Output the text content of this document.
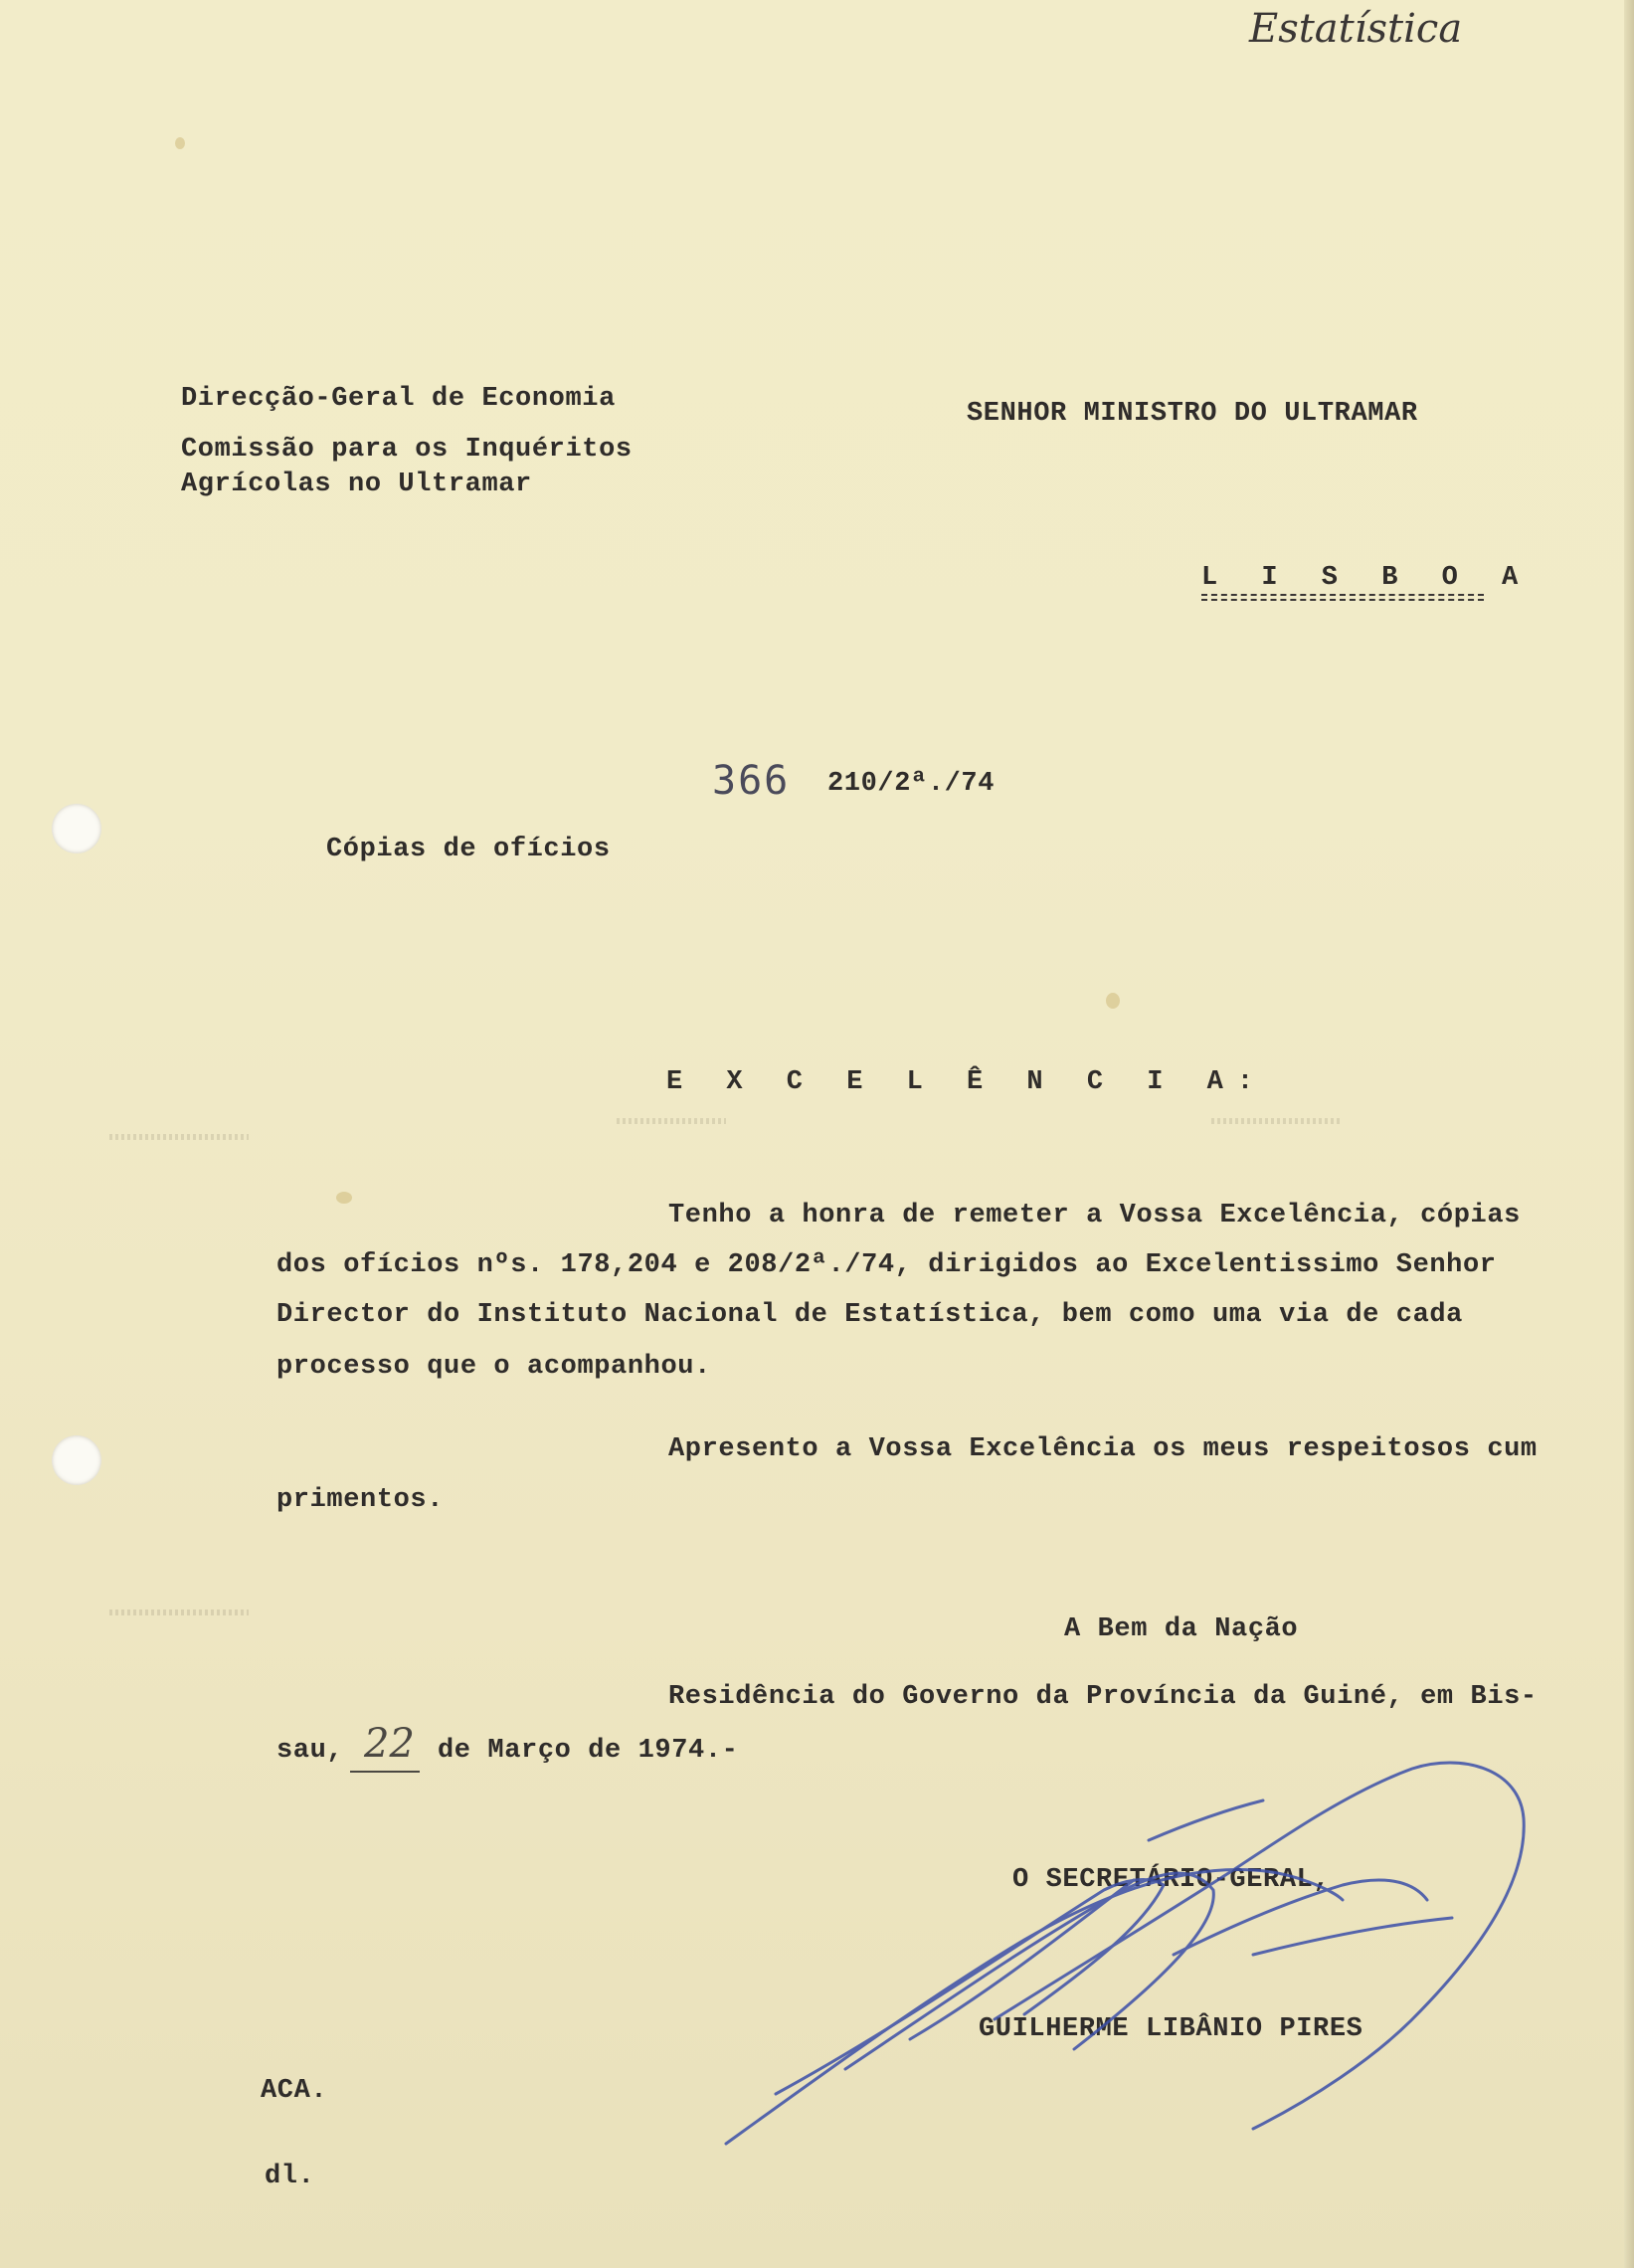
Estatística
Direcção-Geral de Economia
Comissão para os Inquéritos
Agrícolas no Ultramar
SENHOR MINISTRO DO ULTRAMAR
L I S B O A
366 210/2ª./74
Cópias de ofícios
E X C E L Ê N C I A:
Tenho a honra de remeter a Vossa Excelência, cópias
dos ofícios nºs. 178,204 e 208/2ª./74, dirigidos ao Excelentissimo Senhor
Director do Instituto Nacional de Estatística, bem como uma via de cada
processo que o acompanhou.
Apresento a Vossa Excelência os meus respeitosos cum
primentos.
A Bem da Nação
Residência do Governo da Província da Guiné, em Bis-
sau, 22 de Março de 1974.-
O SECRETÁRIO-GERAL,
GUILHERME LIBÂNIO PIRES
ACA.
dl.
